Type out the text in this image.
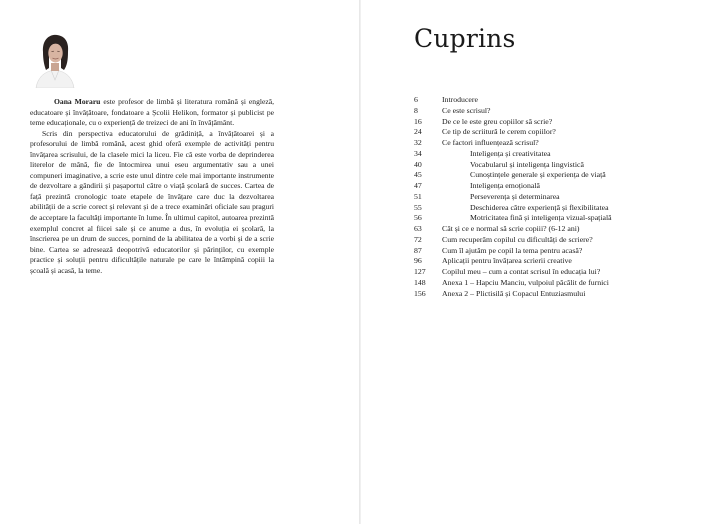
Oana Moraru este profesor de limbă și literatura română și engleză, educatoare și învățătoare, fondatoare a Școlii Helikon, formator și publicist pe teme educaționale, cu o experiență de treizeci de ani în învățământ.

Scris din perspectiva educatorului de grădiniță, a învățătoarei și a profesorului de limbă română, acest ghid oferă exemple de activități pentru învățarea scrisului, de la clasele mici la liceu. Fie că este vorba de deprinderea literelor de mână, fie de întocmirea unui eseu argumentativ sau a unei compuneri imaginative, a scrie este unul dintre cele mai importante instrumente de dezvoltare a gândirii și pașaportul către o viață școlară de succes. Cartea de față prezintă cronologic toate etapele de învățare care duc la dezvoltarea abilității de a scrie corect și relevant și de a trece examinări oficiale sau praguri de acceptare la facultăți importante în lume. În ultimul capitol, autoarea prezintă exemplul concret al fiicei sale și ce anume a dus, în evoluția ei școlară, la înscrierea pe un drum de succes, pornind de la abilitatea de a vorbi și de a scrie bine. Cartea se adresează deopotrivă educatorilor și părinților, cu exemple practice și soluții pentru dificultățile naturale pe care le întâmpină copiii la școală și acasă, la teme.

Cuprins
6	Introducere
8	Ce este scrisul?
16	De ce le este greu copiilor să scrie?
24	Ce tip de scriitură le cerem copiilor?
32	Ce factori influențează scrisul?
34	Inteligența și creativitatea
40	Vocabularul și inteligența lingvistică
45	Cunoștințele generale și experiența de viață
47	Inteligența emoțională
51	Perseverența și determinarea
55	Deschiderea către experiență și flexibilitatea
56	Motricitatea fină și inteligența vizual-spațială
63	Cât și ce e normal să scrie copiii? (6-12 ani)
72	Cum recuperăm copilul cu dificultăți de scriere?
87	Cum îl ajutăm pe copil la tema pentru acasă?
96	Aplicații pentru învățarea scrierii creative
127	Copilul meu – cum a contat scrisul în educația lui?
148	Anexa 1 – Hapciu Manciu, vulpoiul păcălit de furnici
156	Anexa 2 – Plictisilă și Copacul Entuziasmului
